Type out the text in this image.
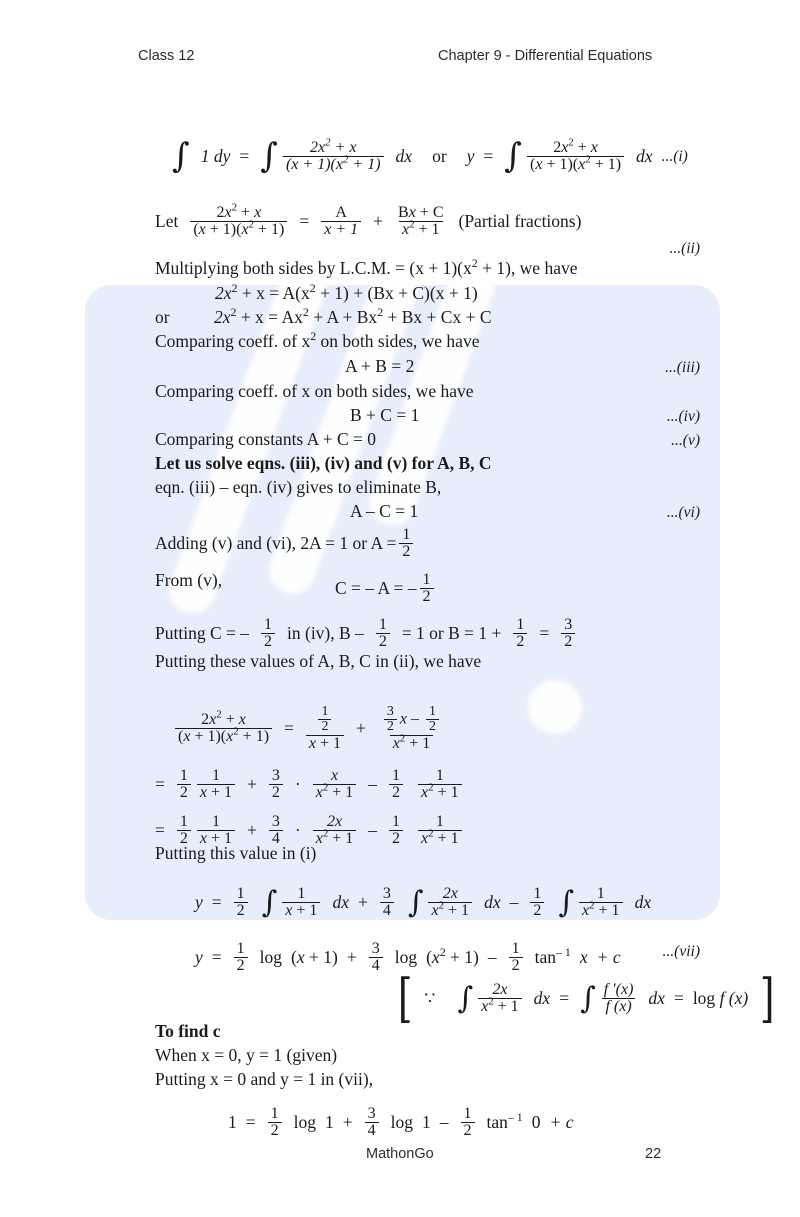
Class 12	Chapter 9 - Differential Equations
∫ 1 dy = ∫ $\frac{2x^2 + x}{(x + 1)(x^2 + 1)}$ dx or y = ∫ $\frac{2x^2 + x}{(x + 1)(x^2 + 1)}$ dx ...(i)
Let $\frac{2x^2 + x}{(x + 1)(x^2 + 1)} = \frac{A}{x + 1} + \frac{Bx + C}{x^2 + 1}$ (Partial fractions)
...(ii)
Multiplying both sides by L.C.M. = $(x + 1)(x^2 + 1)$, we have
$2x^2 + x = A(x^2 + 1) + (Bx + C)(x + 1)$
or	$2x^2 + x = Ax^2 + A + Bx^2 + Bx + Cx + C$
Comparing coeff. of $x^2$ on both sides, we have
A + B = 2	...(iii)
Comparing coeff. of x on both sides, we have
B + C = 1	...(iv)
Comparing constants A + C = 0	...(v)
Let us solve eqns. (iii), (iv) and (v) for A, B, C
eqn. (iii) – eqn. (iv) gives to eliminate B,
A – C = 1	...(vi)
Adding (v) and (vi), 2A = 1 or $A = \frac{1}{2}$
From (v),	C = – A = – $\frac{1}{2}$
Putting C = – $\frac{1}{2}$ in (iv), $B - \frac{1}{2} = 1$ or $B = 1 + \frac{1}{2} = \frac{3}{2}$
Putting these values of A, B, C in (ii), we have
$\frac{2x^2 + x}{(x + 1)(x^2 + 1)} = \frac{\frac{1}{2}}{x + 1} + \frac{3}{2}$ x – $\frac{1}{2}$
$x^2 + 1$
= $\frac{1}{2} \frac{1}{x + 1} + \frac{3}{2} \cdot \frac{x}{x^2 + 1} - \frac{1}{2} \frac{1}{x^2 + 1}$
= $\frac{1}{2} \frac{1}{x + 1} + \frac{3}{4} \cdot \frac{2x}{x^2 + 1} - \frac{1}{2} \frac{1}{x^2 + 1}$
Putting this value in (i)
$y = \frac{1}{2}$ ∫ $\frac{1}{x + 1}$ dx + $\frac{3}{4}$ ∫ $\frac{2x}{x^2 + 1}$ dx – $\frac{1}{2}$ ∫ $\frac{1}{x^2 + 1}$ dx
$y = \frac{1}{2}$ $\log (x + 1) + \frac{3}{4}$ $\log (x^2 + 1) - \frac{1}{2} \tan^{- 1} x + c$	...(vii)
[ ∵ ∫ $\frac{2x}{x^2 + 1}$ dx = ∫ $\frac{f '(x)}{f (x)}$ dx = log f (x) ]
To find c
When x = 0, y = 1 (given)
Putting x = 0 and y = 1 in (vii),
$1 = \frac{1}{2}$ $\log 1 + \frac{3}{4}$ $\log 1 - \frac{1}{2} \tan^{- 1} 0 + c$
MathonGo	22
